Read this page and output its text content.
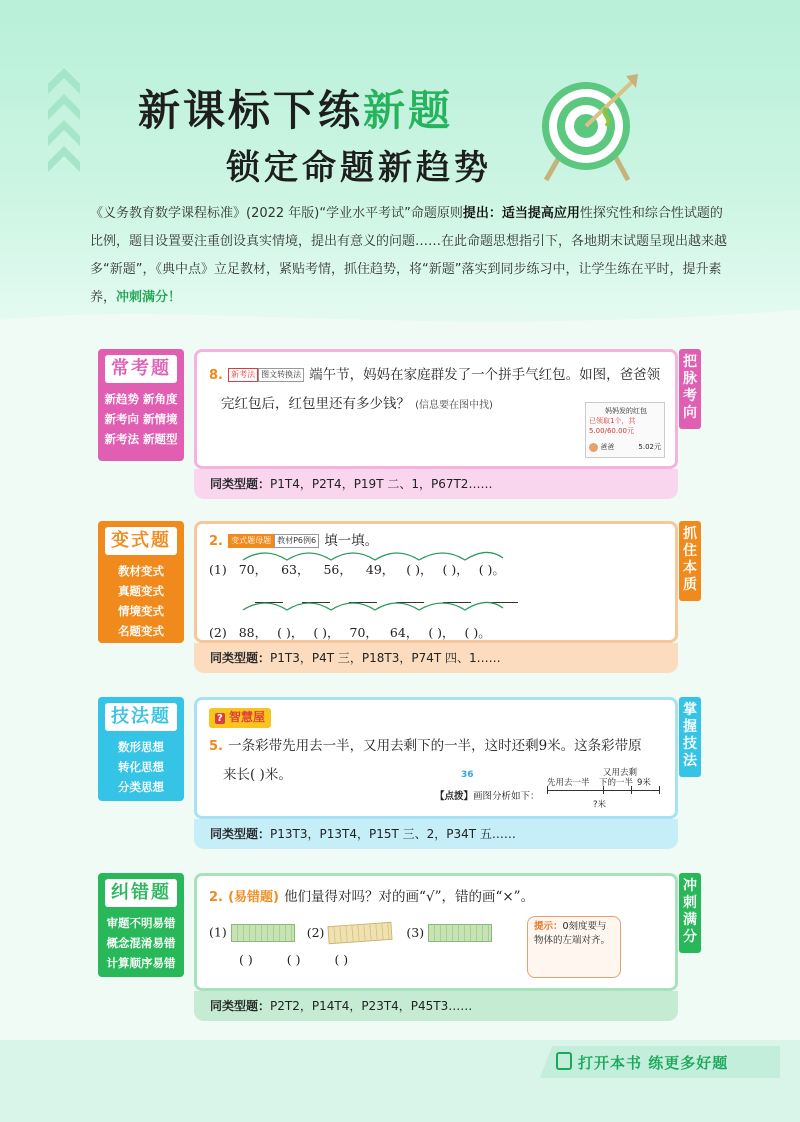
新课标下练新题
锁定命题新趋势
《义务教育数学课程标准》(2022 年版)“学业水平考试”命题原则提出：适当提高应用性探究性和综合性试题的比例，题目设置要注重创设真实情境，提出有意义的问题……在此命题思想指引下，各地期末试题呈现出越来越多“新题”，《典中点》立足教材，紧贴考情，抓住趋势，将“新题”落实到同步练习中，让学生练在平时，提升素养，冲刺满分！
常考题
新趋势 新角度
新考向 新情境
新考法 新题型
8. 新考法 图文转换法 端午节，妈妈在家庭群发了一个拼手气红包。如图，爸爸领
完红包后，红包里还有多少钱？ (信息要在图中找)	妈妈发的红包
已领取1个，共5.00/60.00元
爸爸	5.02元
把脉考向
同类型题：P1T4，P2T4，P19T 二、1，P67T2……
变式题
教材变式
真题变式
情境变式
名题变式
2. 变式题母题 教材P6例6 填一填。
(1) 70， 63， 56， 49， ( )， ( )， ( )。

(2) 88， ( )， ( )， 70， 64， ( )， ( )。

抓住本质
同类型题：P1T3，P4T 三，P18T3，P74T 四、1……
技法题
数形思想
转化思想
分类思想
? 智慧屋
5. 一条彩带先用去一半，又用去剩下的一半，这时还剩9米。这条彩带原
来长( )米。	36
【点拨】画图分析如下：
又用去剩
先用去一半 下的一半 9米
?米
掌握技法
同类型题：P13T3，P13T4，P15T 三、2，P34T 五……
纠错题
审题不明易错
概念混淆易错
计算顺序易错
2. (易错题) 他们量得对吗？对的画“√”，错的画“×”。
(1)	(2)	(3)
( )	( )	( )
提示：0刻度要与物体的左端对齐。
冲刺满分
同类型题：P2T2，P14T4，P23T4，P45T3……
打开本书 练更多好题
